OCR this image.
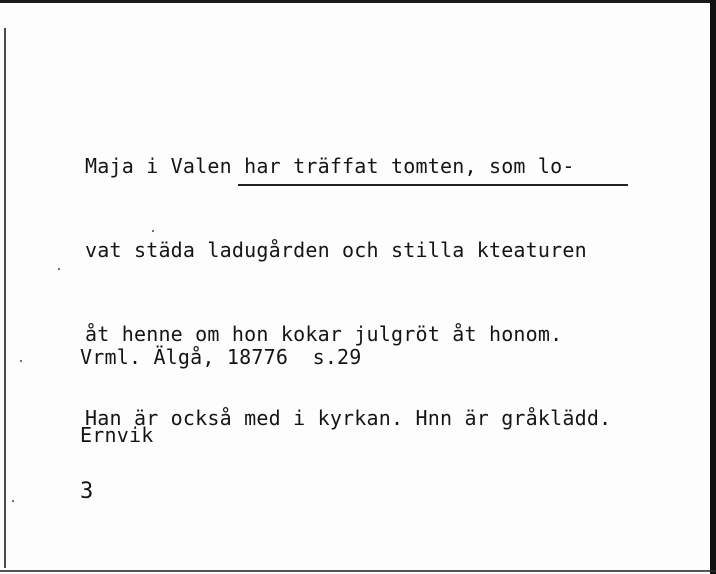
Maja i Valen har träffat tomten, som lo-

vat städa ladugården och stilla kteaturen

åt henne om hon kokar julgröt åt honom.

Han är också med i kyrkan. Hnn är gråklädd.

Vrml. Älgå, 18776  s.29

Ernvik

3
